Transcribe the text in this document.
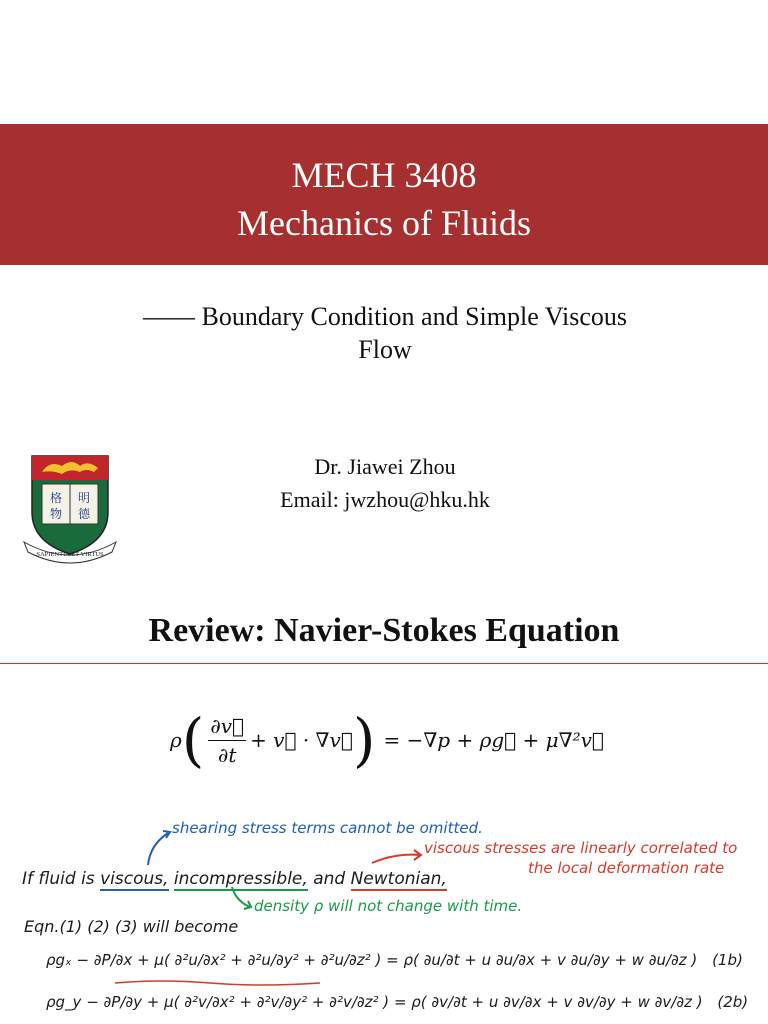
MECH 3408
Mechanics of Fluids
—— Boundary Condition and Simple Viscous
Flow
格 明
物 德
SAPIENTIA ET VIRTUS
Dr. Jiawei Zhou
Email: jwzhou@hku.hk
Review: Navier-Stokes Equation
ρ ( $\frac{\partial v⃗}{\partial t}$ + v⃗ · ∇v⃗ ) = −∇p + ρg⃗ + μ∇²v⃗
shearing stress terms cannot be omitted.
viscous stresses are linearly correlated to
the local deformation rate
If fluid is viscous, incompressible, and Newtonian,
density ρ will not change with time.
Eqn.(1) (2) (3) will become
ρgₓ − ∂P/∂x + μ( ∂²u/∂x² + ∂²u/∂y² + ∂²u/∂z² ) = ρ( ∂u/∂t + u ∂u/∂x + v ∂u/∂y + w ∂u/∂z ) (1b)
ρg_y − ∂P/∂y + μ( ∂²v/∂x² + ∂²v/∂y² + ∂²v/∂z² ) = ρ( ∂v/∂t + u ∂v/∂x + v ∂v/∂y + w ∂v/∂z ) (2b)
